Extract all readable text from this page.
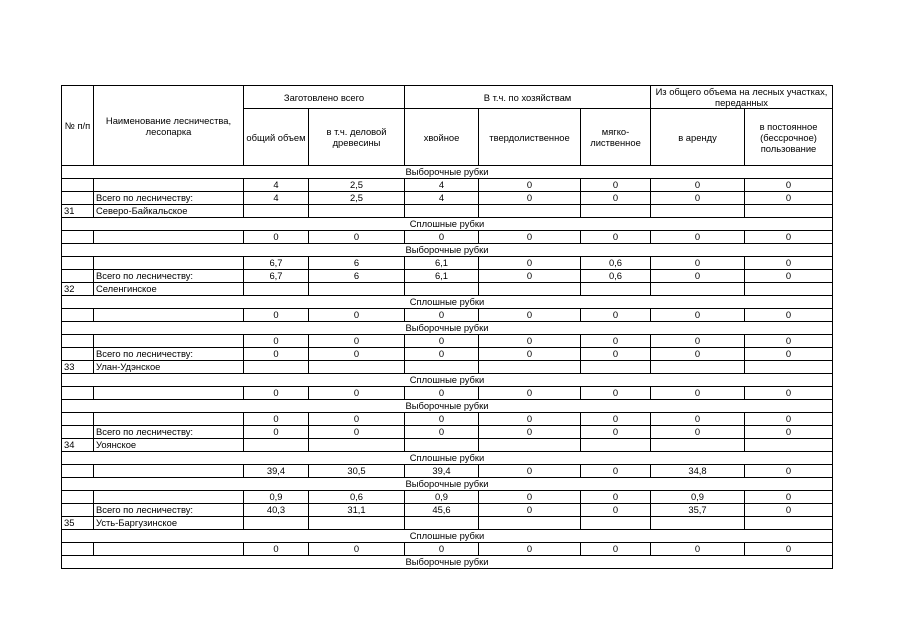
№ п/п	Наименование лесничества, лесопарка	Заготовлено всего		В т.ч. по хозяйствам			Из общего объема на лесных участках, переданных	
		общий объем	в т.ч. деловой древесины	хвойное	твердолиственное	мягко- лиственное	в аренду	в постоянное (бессрочное) пользование
Выборочные рубки								
		4	2,5	4	0	0	0	0
	Всего по лесничеству:	4	2,5	4	0	0	0	0
31	Северо-Байкальское							
Сплошные рубки								
		0	0	0	0	0	0	0
Выборочные рубки								
		6,7	6	6,1	0	0,6	0	0
	Всего по лесничеству:	6,7	6	6,1	0	0,6	0	0
32	Селенгинское							
Сплошные рубки								
		0	0	0	0	0	0	0
Выборочные рубки								
		0	0	0	0	0	0	0
	Всего по лесничеству:	0	0	0	0	0	0	0
33	Улан-Удэнское							
Сплошные рубки								
		0	0	0	0	0	0	0
Выборочные рубки								
		0	0	0	0	0	0	0
	Всего по лесничеству:	0	0	0	0	0	0	0
34	Уоянское							
Сплошные рубки								
		39,4	30,5	39,4	0	0	34,8	0
Выборочные рубки								
		0,9	0,6	0,9	0	0	0,9	0
	Всего по лесничеству:	40,3	31,1	45,6	0	0	35,7	0
35	Усть-Баргузинское							
Сплошные рубки								
		0	0	0	0	0	0	0
Выборочные рубки								
